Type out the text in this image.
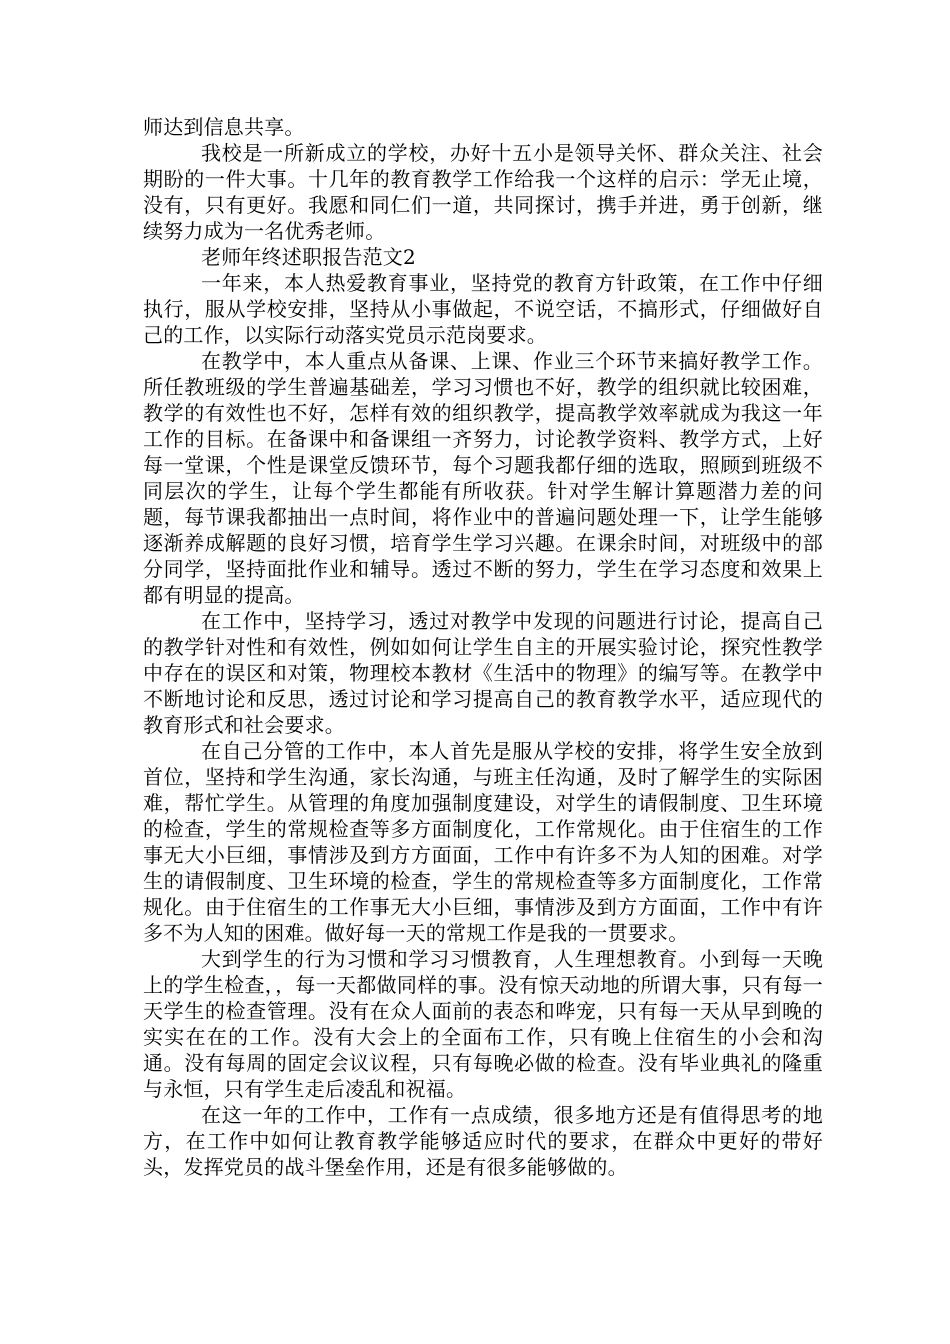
师达到信息共享。

我校是一所新成立的学校，办好十五小是领导关怀、群众关注、社会期盼的一件大事。十几年的教育教学工作给我一个这样的启示：学无止境，没有，只有更好。我愿和同仁们一道，共同探讨，携手并进，勇于创新，继续努力成为一名优秀老师。

老师年终述职报告范文2

一年来，本人热爱教育事业，坚持党的教育方针政策，在工作中仔细执行，服从学校安排，坚持从小事做起，不说空话，不搞形式，仔细做好自己的工作，以实际行动落实党员示范岗要求。

在教学中，本人重点从备课、上课、作业三个环节来搞好教学工作。所任教班级的学生普遍基础差，学习习惯也不好，教学的组织就比较困难，教学的有效性也不好，怎样有效的组织教学，提高教学效率就成为我这一年工作的目标。在备课中和备课组一齐努力，讨论教学资料、教学方式，上好每一堂课，个性是课堂反馈环节，每个习题我都仔细的选取，照顾到班级不同层次的学生，让每个学生都能有所收获。针对学生解计算题潜力差的问题，每节课我都抽出一点时间，将作业中的普遍问题处理一下，让学生能够逐渐养成解题的良好习惯，培育学生学习兴趣。在课余时间，对班级中的部分同学，坚持面批作业和辅导。透过不断的努力，学生在学习态度和效果上都有明显的提高。

在工作中，坚持学习，透过对教学中发现的问题进行讨论，提高自己的教学针对性和有效性，例如如何让学生自主的开展实验讨论，探究性教学中存在的误区和对策，物理校本教材《生活中的物理》的编写等。在教学中不断地讨论和反思，透过讨论和学习提高自己的教育教学水平，适应现代的教育形式和社会要求。

在自己分管的工作中，本人首先是服从学校的安排，将学生安全放到首位，坚持和学生沟通，家长沟通，与班主任沟通，及时了解学生的实际困难，帮忙学生。从管理的角度加强制度建设，对学生的请假制度、卫生环境的检查，学生的常规检查等多方面制度化，工作常规化。由于住宿生的工作事无大小巨细，事情涉及到方方面面，工作中有许多不为人知的困难。对学生的请假制度、卫生环境的检查，学生的常规检查等多方面制度化，工作常规化。由于住宿生的工作事无大小巨细，事情涉及到方方面面，工作中有许多不为人知的困难。做好每一天的常规工作是我的一贯要求。

大到学生的行为习惯和学习习惯教育，人生理想教育。小到每一天晚上的学生检查，，每一天都做同样的事。没有惊天动地的所谓大事，只有每一天学生的检查管理。没有在众人面前的表态和哗宠，只有每一天从早到晚的实实在在的工作。没有大会上的全面布工作，只有晚上住宿生的小会和沟通。没有每周的固定会议议程，只有每晚必做的检查。没有毕业典礼的隆重与永恒，只有学生走后凌乱和祝福。

在这一年的工作中，工作有一点成绩，很多地方还是有值得思考的地方，在工作中如何让教育教学能够适应时代的要求，在群众中更好的带好头，发挥党员的战斗堡垒作用，还是有很多能够做的。
